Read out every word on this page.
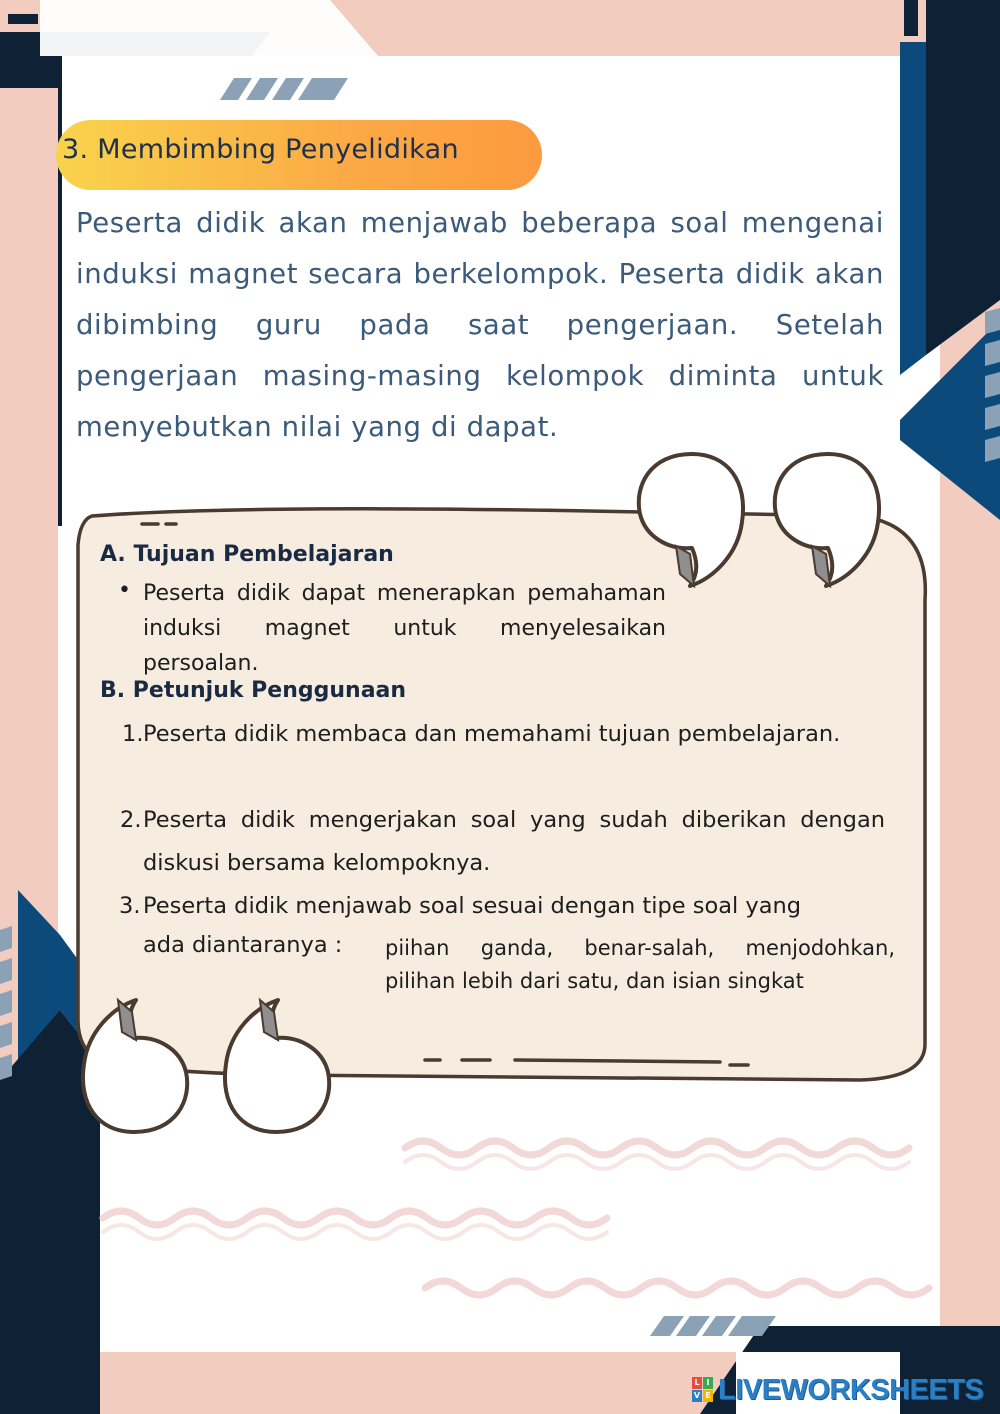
3. Membimbing Penyelidikan
Peserta didik akan menjawab beberapa soal mengenai induksi magnet secara berkelompok. Peserta didik akan dibimbing guru pada saat pengerjaan. Setelah pengerjaan masing-masing kelompok diminta untuk menyebutkan nilai yang di dapat.
A. Tujuan Pembelajaran
• Peserta didik dapat menerapkan pemahaman induksi magnet untuk menyelesaikan persoalan.
B. Petunjuk Penggunaan
1. Peserta didik membaca dan memahami tujuan pembelajaran.
2. Peserta didik mengerjakan soal yang sudah diberikan dengan diskusi bersama kelompoknya.
3. Peserta didik menjawab soal sesuai dengan tipe soal yang
ada diantaranya : piihan ganda, benar-salah, menjodohkan, pilihan lebih dari satu, dan isian singkat
L I
V E LIVEWORKSHEETS
